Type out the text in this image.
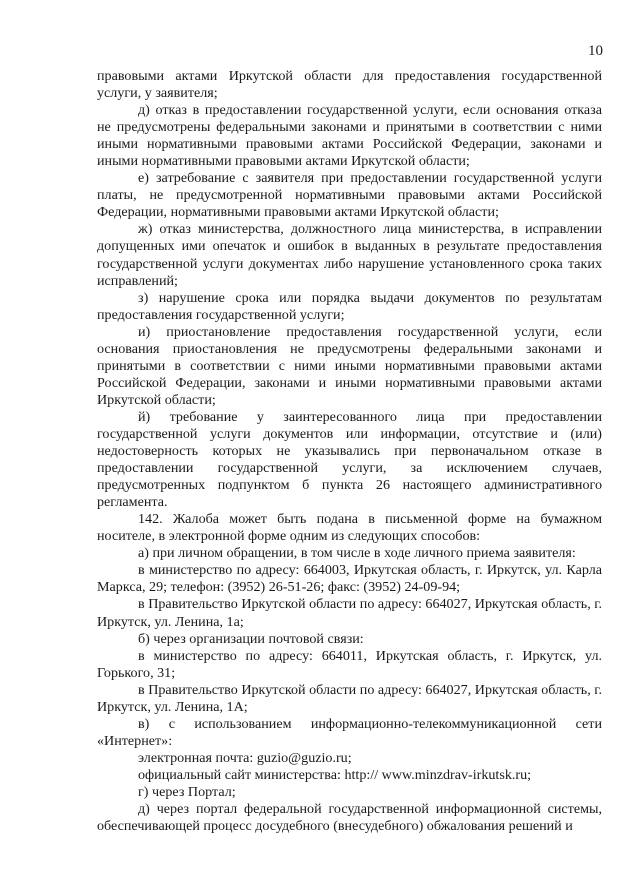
10

правовыми актами Иркутской области для предоставления государственной услуги, у заявителя;

д) отказ в предоставлении государственной услуги, если основания отказа не предусмотрены федеральными законами и принятыми в соответствии с ними иными нормативными правовыми актами Российской Федерации, законами и иными нормативными правовыми актами Иркутской области;

е) затребование с заявителя при предоставлении государственной услуги платы, не предусмотренной нормативными правовыми актами Российской Федерации, нормативными правовыми актами Иркутской области;

ж) отказ министерства, должностного лица министерства, в исправлении допущенных ими опечаток и ошибок в выданных в результате предоставления государственной услуги документах либо нарушение установленного срока таких исправлений;

з) нарушение срока или порядка выдачи документов по результатам предоставления государственной услуги;

и) приостановление предоставления государственной услуги, если основания приостановления не предусмотрены федеральными законами и принятыми в соответствии с ними иными нормативными правовыми актами Российской Федерации, законами и иными нормативными правовыми актами Иркутской области;

й) требование у заинтересованного лица при предоставлении государственной услуги документов или информации, отсутствие и (или) недостоверность которых не указывались при первоначальном отказе в предоставлении государственной услуги, за исключением случаев, предусмотренных подпунктом б пункта 26 настоящего административного регламента.

142. Жалоба может быть подана в письменной форме на бумажном носителе, в электронной форме одним из следующих способов:

а) при личном обращении, в том числе в ходе личного приема заявителя:

в министерство по адресу: 664003, Иркутская область, г. Иркутск, ул. Карла Маркса, 29; телефон: (3952) 26-51-26; факс: (3952) 24-09-94;

в Правительство Иркутской области по адресу: 664027, Иркутская область, г. Иркутск, ул. Ленина, 1а;

б) через организации почтовой связи:

в министерство по адресу: 664011, Иркутская область, г. Иркутск, ул. Горького, 31;

в Правительство Иркутской области по адресу: 664027, Иркутская область, г. Иркутск, ул. Ленина, 1А;

в) с использованием информационно-телекоммуникационной сети «Интернет»:

электронная почта: guzio@guzio.ru;

официальный сайт министерства: http:// www.minzdrav-irkutsk.ru;

г) через Портал;

д) через портал федеральной государственной информационной системы, обеспечивающей процесс досудебного (внесудебного) обжалования решений и
